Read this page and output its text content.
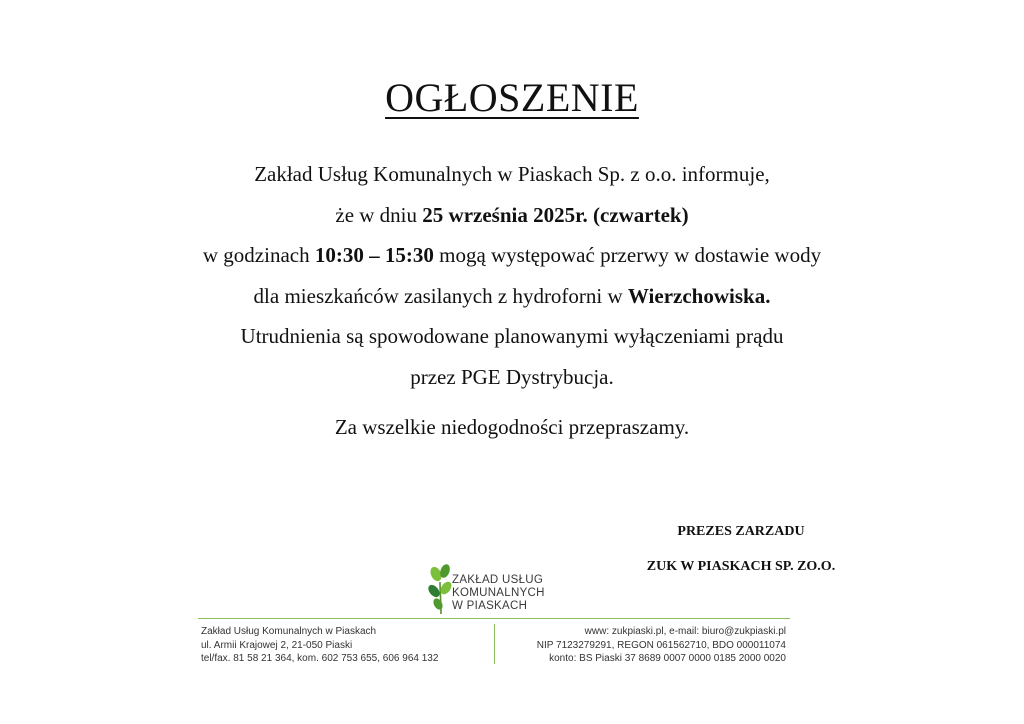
OGŁOSZENIE

Zakład Usług Komunalnych w Piaskach Sp. z o.o. informuje,

że w dniu 25 września 2025r. (czwartek)

w godzinach 10:30 – 15:30 mogą występować przerwy w dostawie wody

dla mieszkańców zasilanych z hydroforni w Wierzchowiska.

Utrudnienia są spowodowane planowanymi wyłączeniami prądu

przez PGE Dystrybucja.

Za wszelkie niedogodności przepraszamy.

PREZES ZARZADU
ZUK W PIASKACH SP. ZO.O.
ZAKŁAD USŁUG
KOMUNALNYCH
W PIASKACH
Zakład Usług Komunalnych w Piaskach
ul. Armii Krajowej 2, 21-050 Piaski
tel/fax. 81 58 21 364, kom. 602 753 655, 606 964 132
www: zukpiaski.pl, e-mail: biuro@zukpiaski.pl
NIP 7123279291, REGON 061562710, BDO 000011074
konto: BS Piaski 37 8689 0007 0000 0185 2000 0020
